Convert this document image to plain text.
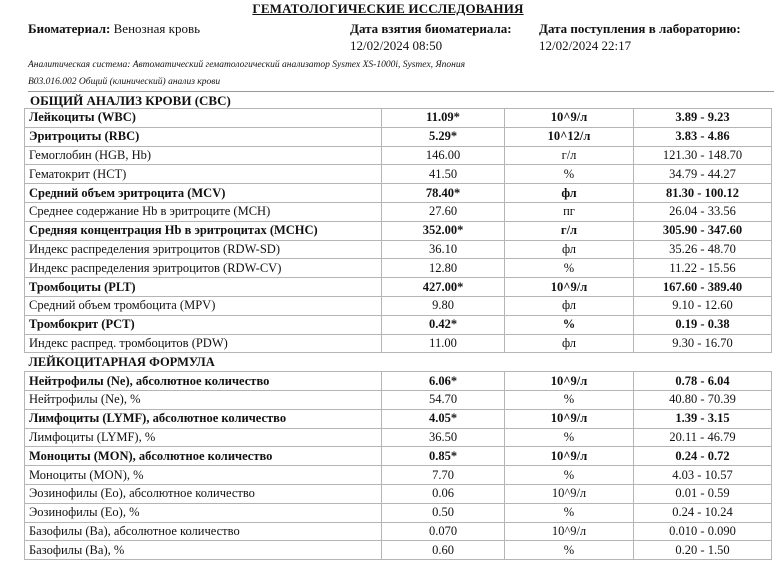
ГЕМАТОЛОГИЧЕСКИЕ ИССЛЕДОВАНИЯ
Биоматериал: Венозная кровь	Дата взятия биоматериала:
12/02/2024 08:50
Дата поступления в лабораторию:
12/02/2024 22:17
Аналитическая система: Автоматический гематологический анализатор Sysmex XS-1000i, Sysmex, Япония
B03.016.002 Общий (клинический) анализ крови
ОБЩИЙ АНАЛИЗ КРОВИ (CBC)
Лейкоциты (WBC)	11.09*	10^9/л	3.89 - 9.23
Эритроциты (RBC)	5.29*	10^12/л	3.83 - 4.86
Гемоглобин (HGB, Hb)	146.00	г/л	121.30 - 148.70
Гематокрит (HCT)	41.50	%	34.79 - 44.27
Средний объем эритроцита (MCV)	78.40*	фл	81.30 - 100.12
Среднее содержание Hb в эритроците (MCH)	27.60	пг	26.04 - 33.56
Средняя концентрация Hb в эритроцитах (MCHC)	352.00*	г/л	305.90 - 347.60
Индекс распределения эритроцитов (RDW-SD)	36.10	фл	35.26 - 48.70
Индекс распределения эритроцитов (RDW-CV)	12.80	%	11.22 - 15.56
Тромбоциты (PLT)	427.00*	10^9/л	167.60 - 389.40
Средний объем тромбоцита (MPV)	9.80	фл	9.10 - 12.60
Тромбокрит (PCT)	0.42*	%	0.19 - 0.38
Индекс распред. тромбоцитов (PDW)	11.00	фл	9.30 - 16.70
ЛЕЙКОЦИТАРНАЯ ФОРМУЛА			
Нейтрофилы (Ne), абсолютное количество	6.06*	10^9/л	0.78 - 6.04
Нейтрофилы (Ne), %	54.70	%	40.80 - 70.39
Лимфоциты (LYMF), абсолютное количество	4.05*	10^9/л	1.39 - 3.15
Лимфоциты (LYMF), %	36.50	%	20.11 - 46.79
Моноциты (MON), абсолютное количество	0.85*	10^9/л	0.24 - 0.72
Моноциты (MON), %	7.70	%	4.03 - 10.57
Эозинофилы (Eo), абсолютное количество	0.06	10^9/л	0.01 - 0.59
Эозинофилы (Eo), %	0.50	%	0.24 - 10.24
Базофилы (Ba), абсолютное количество	0.070	10^9/л	0.010 - 0.090
Базофилы (Ba), %	0.60	%	0.20 - 1.50
